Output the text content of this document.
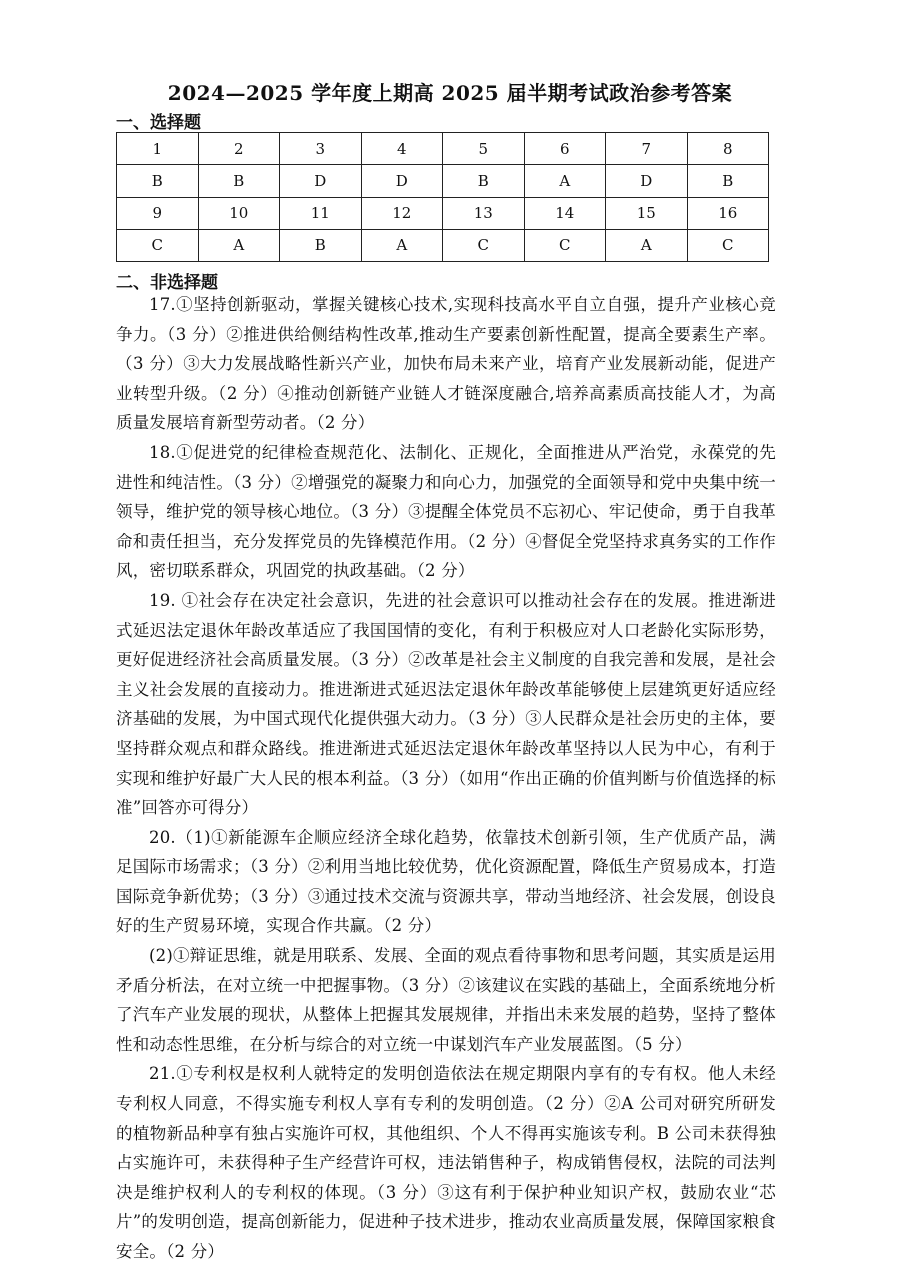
2024—2025 学年度上期高 2025 届半期考试政治参考答案
一、选择题
1	2	3	4	5	6	7	8
B	B	D	D	B	A	D	B
9	10	11	12	13	14	15	16
C	A	B	A	C	C	A	C
二、非选择题

17.①坚持创新驱动，掌握关键核心技术,实现科技高水平自立自强，提升产业核心竞争力。（3 分）②推进供给侧结构性改革,推动生产要素创新性配置，提高全要素生产率。（3 分）③大力发展战略性新兴产业，加快布局未来产业，培育产业发展新动能，促进产业转型升级。（2 分）④推动创新链产业链人才链深度融合,培养高素质高技能人才，为高质量发展培育新型劳动者。（2 分）

18.①促进党的纪律检查规范化、法制化、正规化，全面推进从严治党，永葆党的先进性和纯洁性。（3 分）②增强党的凝聚力和向心力，加强党的全面领导和党中央集中统一领导，维护党的领导核心地位。（3 分）③提醒全体党员不忘初心、牢记使命，勇于自我革命和责任担当，充分发挥党员的先锋模范作用。（2 分）④督促全党坚持求真务实的工作作风，密切联系群众，巩固党的执政基础。（2 分）

19. ①社会存在决定社会意识，先进的社会意识可以推动社会存在的发展。推进渐进式延迟法定退休年龄改革适应了我国国情的变化，有利于积极应对人口老龄化实际形势，更好促进经济社会高质量发展。（3 分）②改革是社会主义制度的自我完善和发展，是社会主义社会发展的直接动力。推进渐进式延迟法定退休年龄改革能够使上层建筑更好适应经济基础的发展，为中国式现代化提供强大动力。（3 分）③人民群众是社会历史的主体，要坚持群众观点和群众路线。推进渐进式延迟法定退休年龄改革坚持以人民为中心，有利于实现和维护好最广大人民的根本利益。（3 分）（如用“作出正确的价值判断与价值选择的标准”回答亦可得分）

20.（1)①新能源车企顺应经济全球化趋势，依靠技术创新引领，生产优质产品，满足国际市场需求；（3 分）②利用当地比较优势，优化资源配置，降低生产贸易成本，打造国际竞争新优势；（3 分）③通过技术交流与资源共享，带动当地经济、社会发展，创设良好的生产贸易环境，实现合作共赢。（2 分）

(2)①辩证思维，就是用联系、发展、全面的观点看待事物和思考问题，其实质是运用矛盾分析法，在对立统一中把握事物。（3 分）②该建议在实践的基础上，全面系统地分析了汽车产业发展的现状，从整体上把握其发展规律，并指出未来发展的趋势，坚持了整体性和动态性思维，在分析与综合的对立统一中谋划汽车产业发展蓝图。（5 分）

21.①专利权是权利人就特定的发明创造依法在规定期限内享有的专有权。他人未经专利权人同意，不得实施专利权人享有专利的发明创造。（2 分）②A 公司对研究所研发的植物新品种享有独占实施许可权，其他组织、个人不得再实施该专利。B 公司未获得独占实施许可，未获得种子生产经营许可权，违法销售种子，构成销售侵权，法院的司法判决是维护权利人的专利权的体现。（3 分）③这有利于保护种业知识产权，鼓励农业“芯片”的发明创造，提高创新能力，促进种子技术进步，推动农业高质量发展，保障国家粮食安全。（2 分）
